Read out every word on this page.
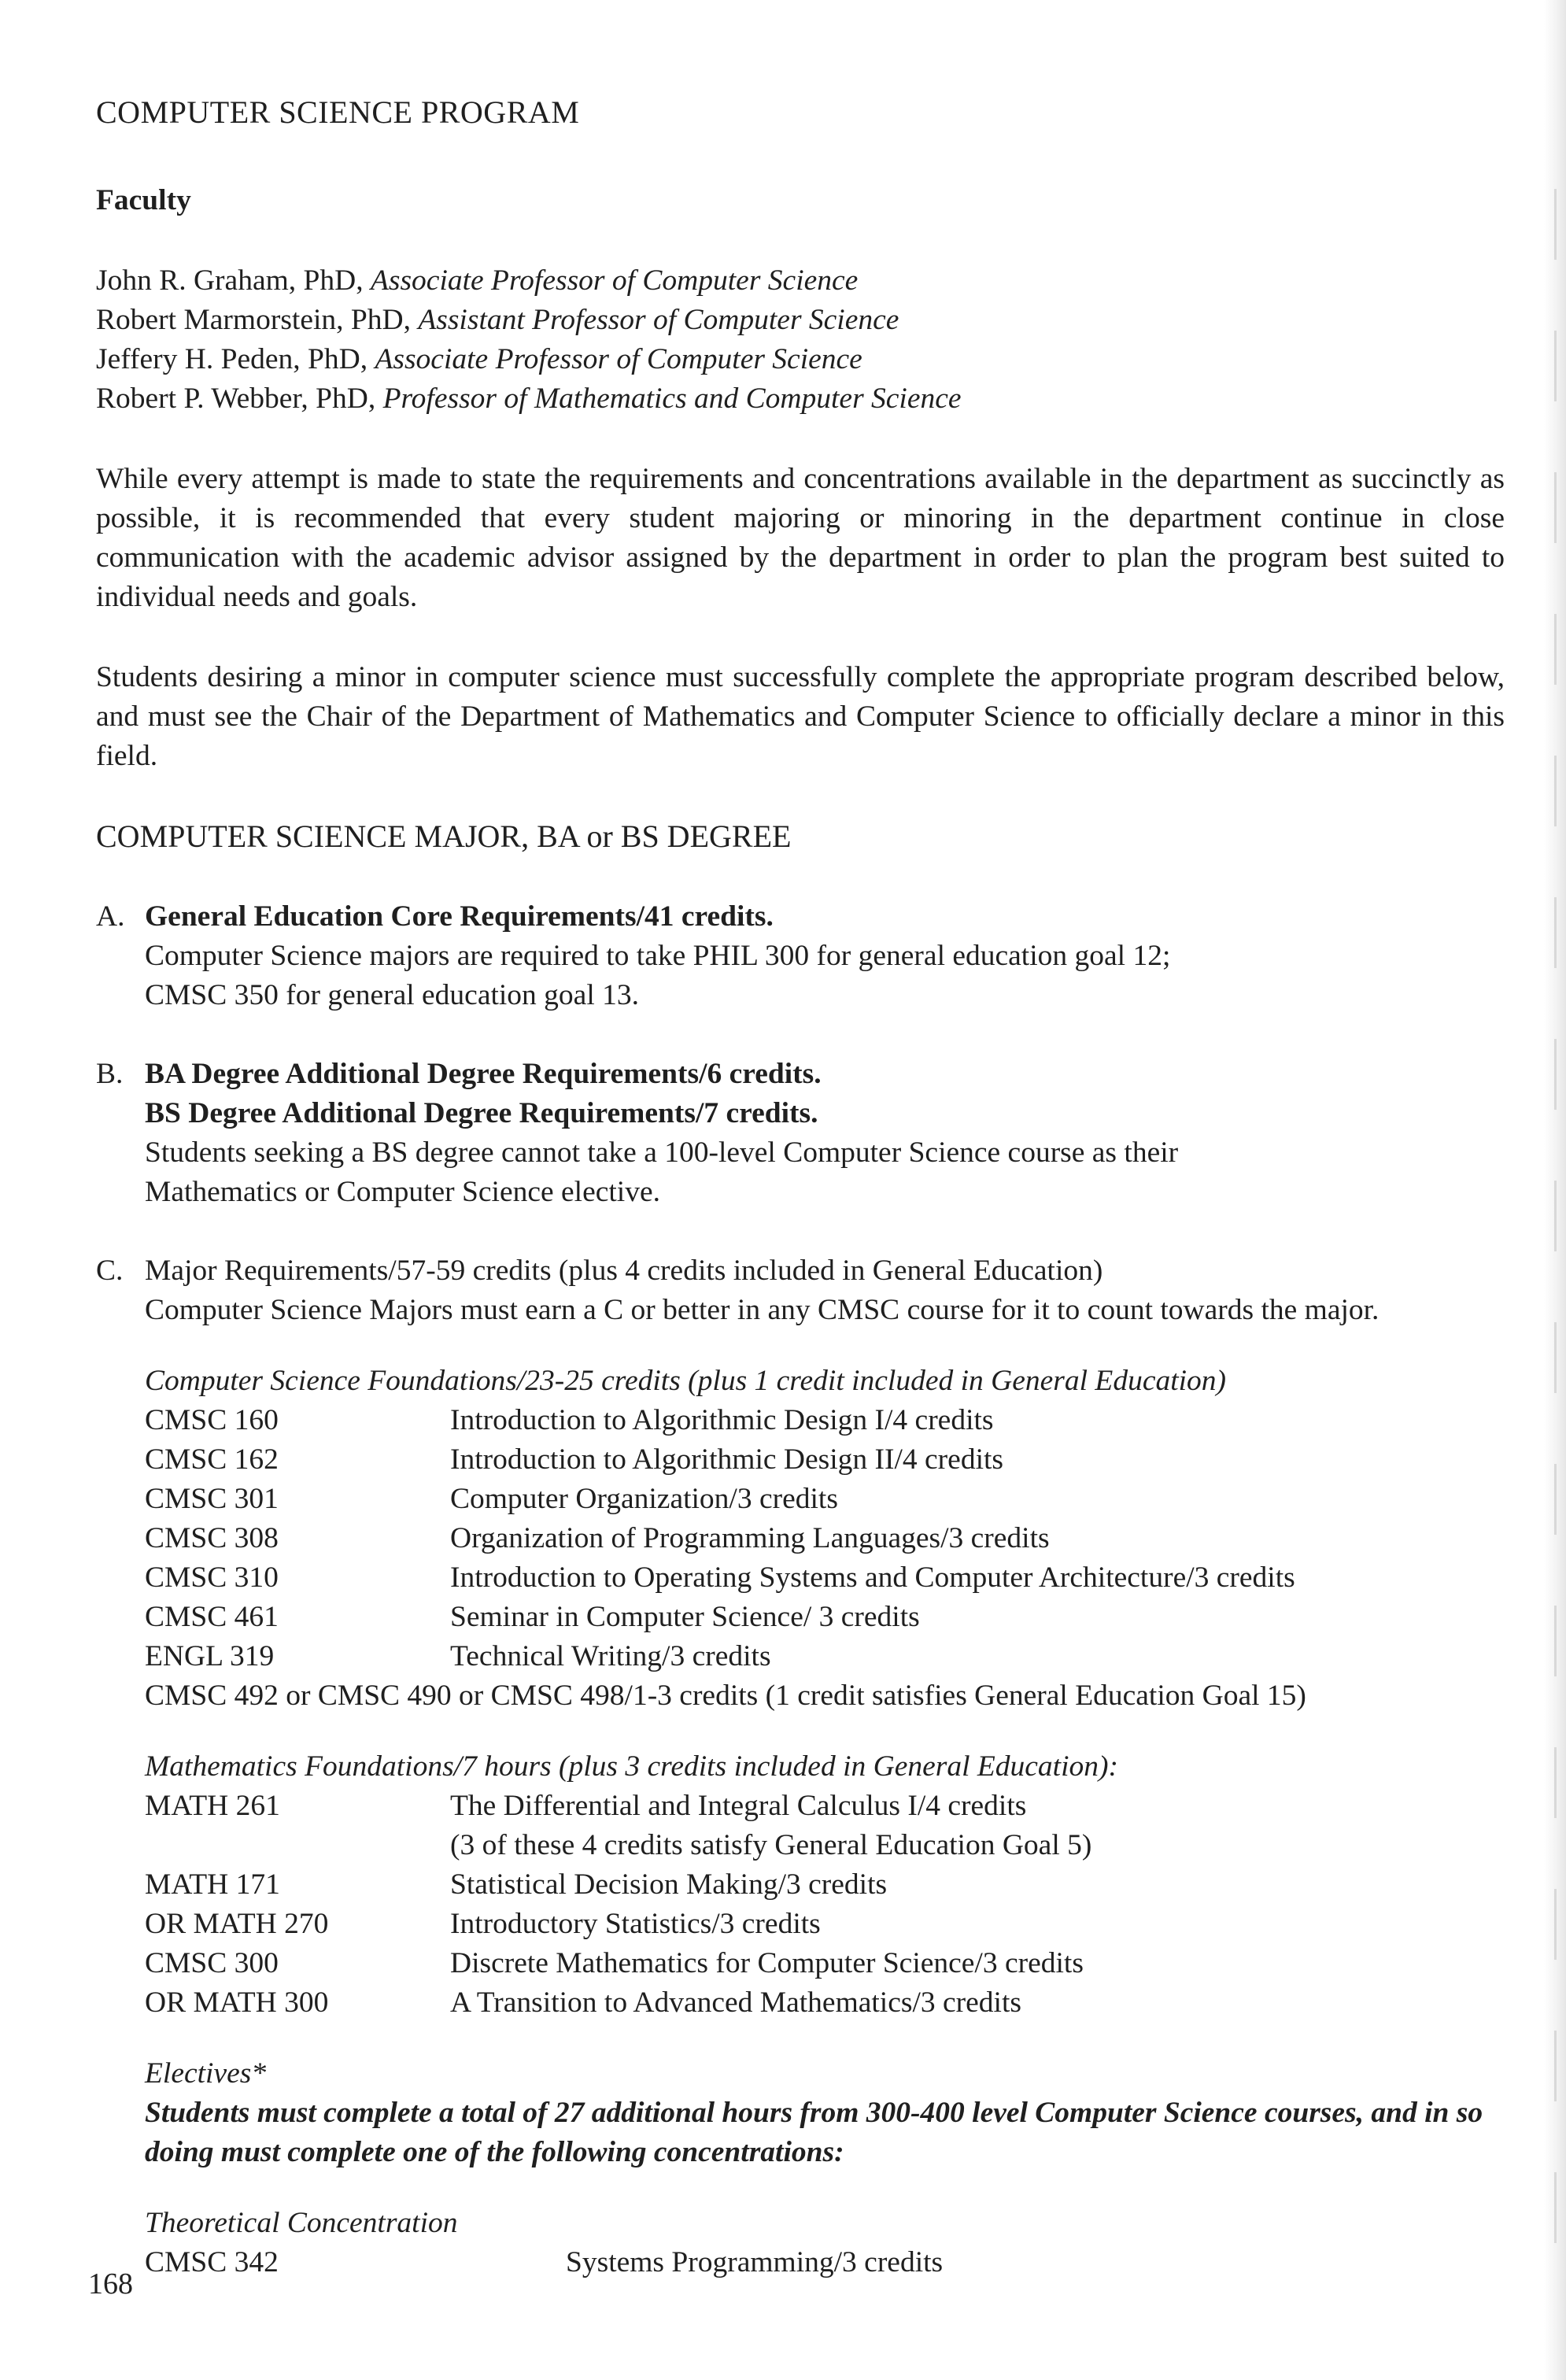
COMPUTER SCIENCE PROGRAM
Faculty
John R. Graham, PhD, Associate Professor of Computer Science
Robert Marmorstein, PhD, Assistant Professor of Computer Science
Jeffery H. Peden, PhD, Associate Professor of Computer Science
Robert P. Webber, PhD, Professor of Mathematics and Computer Science
While every attempt is made to state the requirements and concentrations available in the department as succinctly as possible, it is recommended that every student majoring or minoring in the department continue in close communication with the academic advisor assigned by the department in order to plan the program best suited to individual needs and goals.
Students desiring a minor in computer science must successfully complete the appropriate program described below, and must see the Chair of the Department of Mathematics and Computer Science to officially declare a minor in this field.
COMPUTER SCIENCE MAJOR, BA or BS DEGREE
A. General Education Core Requirements/41 credits.
Computer Science majors are required to take PHIL 300 for general education goal 12;
CMSC 350 for general education goal 13.
B. BA Degree Additional Degree Requirements/6 credits.
BS Degree Additional Degree Requirements/7 credits.
Students seeking a BS degree cannot take a 100-level Computer Science course as their
Mathematics or Computer Science elective.
C. Major Requirements/57-59 credits (plus 4 credits included in General Education)
Computer Science Majors must earn a C or better in any CMSC course for it to count towards the major.
Computer Science Foundations/23-25 credits (plus 1 credit included in General Education)
CMSC 160	Introduction to Algorithmic Design I/4 credits
CMSC 162	Introduction to Algorithmic Design II/4 credits
CMSC 301	Computer Organization/3 credits
CMSC 308	Organization of Programming Languages/3 credits
CMSC 310	Introduction to Operating Systems and Computer Architecture/3 credits
CMSC 461	Seminar in Computer Science/ 3 credits
ENGL 319	Technical Writing/3 credits
CMSC 492 or CMSC 490 or CMSC 498/1-3 credits (1 credit satisfies General Education Goal 15)
Mathematics Foundations/7 hours (plus 3 credits included in General Education):
MATH 261	The Differential and Integral Calculus I/4 credits
(3 of these 4 credits satisfy General Education Goal 5)
MATH 171	Statistical Decision Making/3 credits
OR MATH 270	Introductory Statistics/3 credits
CMSC 300	Discrete Mathematics for Computer Science/3 credits
OR MATH 300	A Transition to Advanced Mathematics/3 credits
Electives*
Students must complete a total of 27 additional hours from 300-400 level Computer Science courses, and in so doing must complete one of the following concentrations:
Theoretical Concentration
CMSC 342	Systems Programming/3 credits
168
